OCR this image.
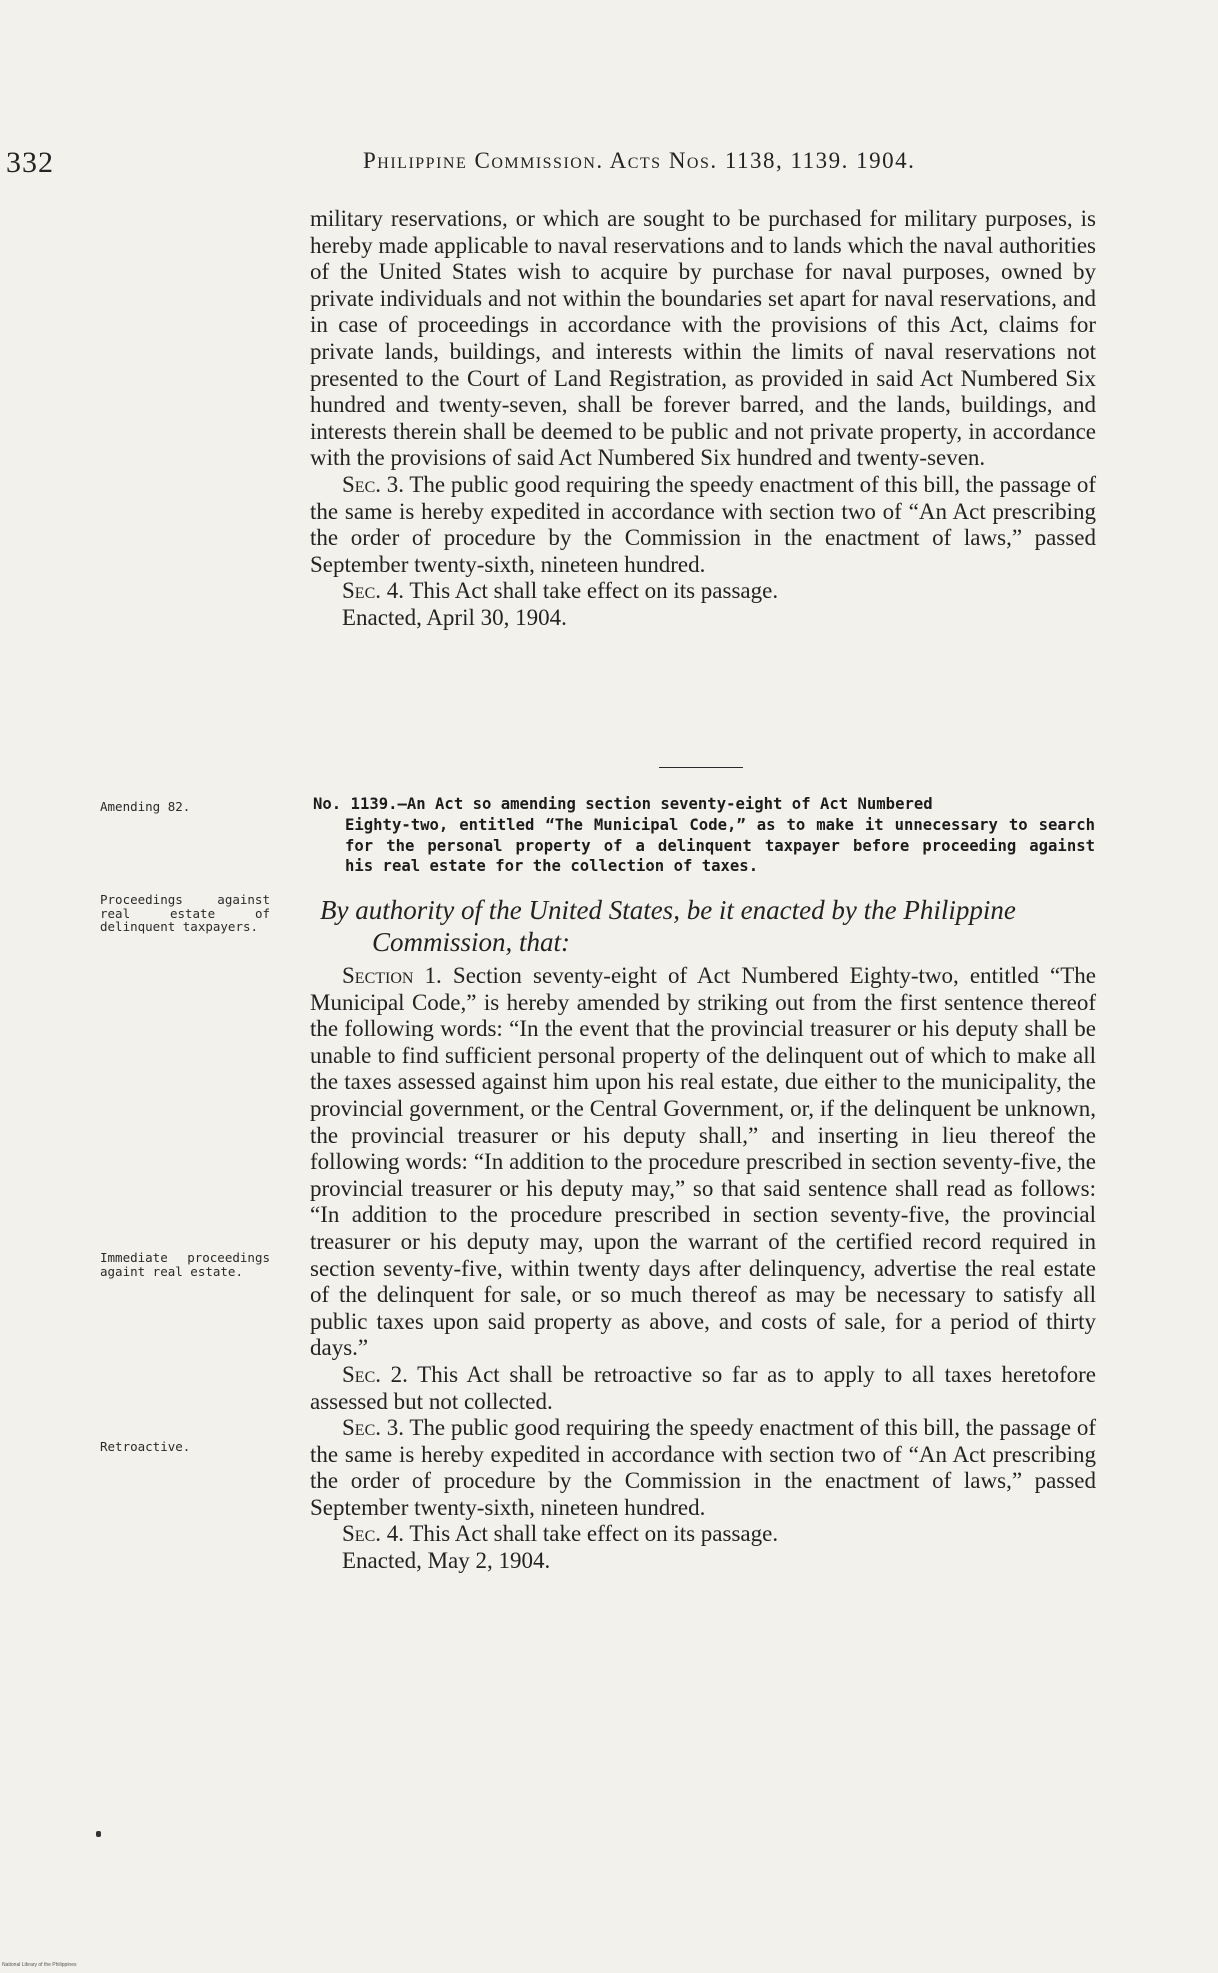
332	Philippine Commission. Acts Nos. 1138, 1139. 1904.

military reservations, or which are sought to be purchased for military purposes, is hereby made applicable to naval reservations and to lands which the naval authorities of the United States wish to acquire by purchase for naval purposes, owned by private individuals and not within the boundaries set apart for naval reservations, and in case of proceedings in accordance with the provisions of this Act, claims for private lands, buildings, and interests within the limits of naval reservations not presented to the Court of Land Registration, as provided in said Act Numbered Six hundred and twenty-seven, shall be forever barred, and the lands, buildings, and interests therein shall be deemed to be public and not private property, in accordance with the provisions of said Act Numbered Six hundred and twenty-seven.

Sec. 3. The public good requiring the speedy enactment of this bill, the passage of the same is hereby expedited in accordance with section two of “An Act prescribing the order of procedure by the Commission in the enactment of laws,” passed September twenty-sixth, nineteen hundred.

Sec. 4. This Act shall take effect on its passage.

Enacted, April 30, 1904.

Amending 82.	No. 1139.—An Act so amending section seventy-eight of Act Numbered
Eighty-two, entitled “The Municipal Code,” as to make it unnecessary to search for the personal property of a delinquent taxpayer before proceeding against his real estate for the collection of taxes.
Proceedings against real estate of delinquent taxpayers.
By authority of the United States, be it enacted by the Philippine
Commission, that:

Section 1. Section seventy-eight of Act Numbered Eighty-two, entitled “The Municipal Code,” is hereby amended by striking out from the first sentence thereof the following words: “In the event that the provincial treasurer or his deputy shall be unable to find sufficient personal property of the delinquent out of which to make all the taxes assessed against him upon his real estate, due either to the municipality, the provincial government, or the Central Government, or, if the delinquent be unknown, the provincial treasurer or his deputy shall,” and inserting in lieu thereof the following words: “In addition to the procedure prescribed in section seventy-five, the provincial treasurer or his deputy may,” so that said sentence shall read as follows: “In addition to the procedure prescribed in section seventy-five, the provincial treasurer or his deputy may, upon the warrant of the certified record required in section seventy-five, within twenty days after delinquency, advertise the real estate of the delinquent for sale, or so much thereof as may be necessary to satisfy all public taxes upon said property as above, and costs of sale, for a period of thirty days.”

Sec. 2. This Act shall be retroactive so far as to apply to all taxes heretofore assessed but not collected.

Sec. 3. The public good requiring the speedy enactment of this bill, the passage of the same is hereby expedited in accordance with section two of “An Act prescribing the order of procedure by the Commission in the enactment of laws,” passed September twenty-sixth, nineteen hundred.

Sec. 4. This Act shall take effect on its passage.

Enacted, May 2, 1904.

Immediate proceedings againt real estate.
Retroactive.
National Library of the Philippines
